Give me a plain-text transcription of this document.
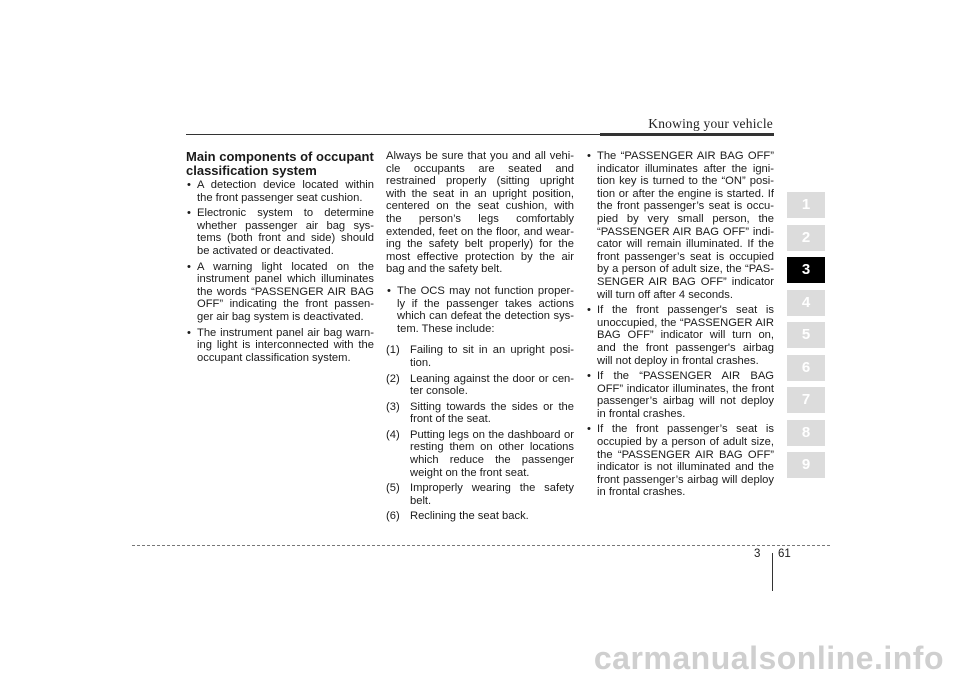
Knowing your vehicle
Main components of occupant classification system
• A detection device located within the front passenger seat cushion.
• Electronic system to determine whether passenger air bag sys-tems (both front and side) should be activated or deactivated.
• A warning light located on the instrument panel which illuminates the words “PASSENGER AIR BAG OFF” indicating the front passen-ger air bag system is deactivated.
• The instrument panel air bag warn-ing light is interconnected with the occupant classification system.

Always be sure that you and all vehi-cle occupants are seated and restrained properly (sitting upright with the seat in an upright position, centered on the seat cushion, with the person’s legs comfortably extended, feet on the floor, and wear-ing the safety belt properly) for the most effective protection by the air bag and the safety belt.

• The OCS may not function proper-ly if the passenger takes actions which can defeat the detection sys-tem. These include:
(1) Failing to sit in an upright posi-tion.
(2) Leaning against the door or cen-ter console.
(3) Sitting towards the sides or the front of the seat.
(4) Putting legs on the dashboard or resting them on other locations which reduce the passenger weight on the front seat.
(5) Improperly wearing the safety belt.
(6) Reclining the seat back.
• The “PASSENGER AIR BAG OFF” indicator illuminates after the igni-tion key is turned to the “ON” posi-tion or after the engine is started. If the front passenger’s seat is occu-pied by very small person, the “PASSENGER AIR BAG OFF” indi-cator will remain illuminated. If the front passenger’s seat is occupied by a person of adult size, the “PAS-SENGER AIR BAG OFF” indicator will turn off after 4 seconds.
• If the front passenger's seat is unoccupied, the “PASSENGER AIR BAG OFF” indicator will turn on, and the front passenger's airbag will not deploy in frontal crashes.
• If the “PASSENGER AIR BAG OFF” indicator illuminates, the front passenger’s airbag will not deploy in frontal crashes.
• If the front passenger’s seat is occupied by a person of adult size, the “PASSENGER AIR BAG OFF” indicator is not illuminated and the front passenger’s airbag will deploy in frontal crashes.
1
2
3
4
5
6
7
8
9
3 61
carmanualsonline.info
